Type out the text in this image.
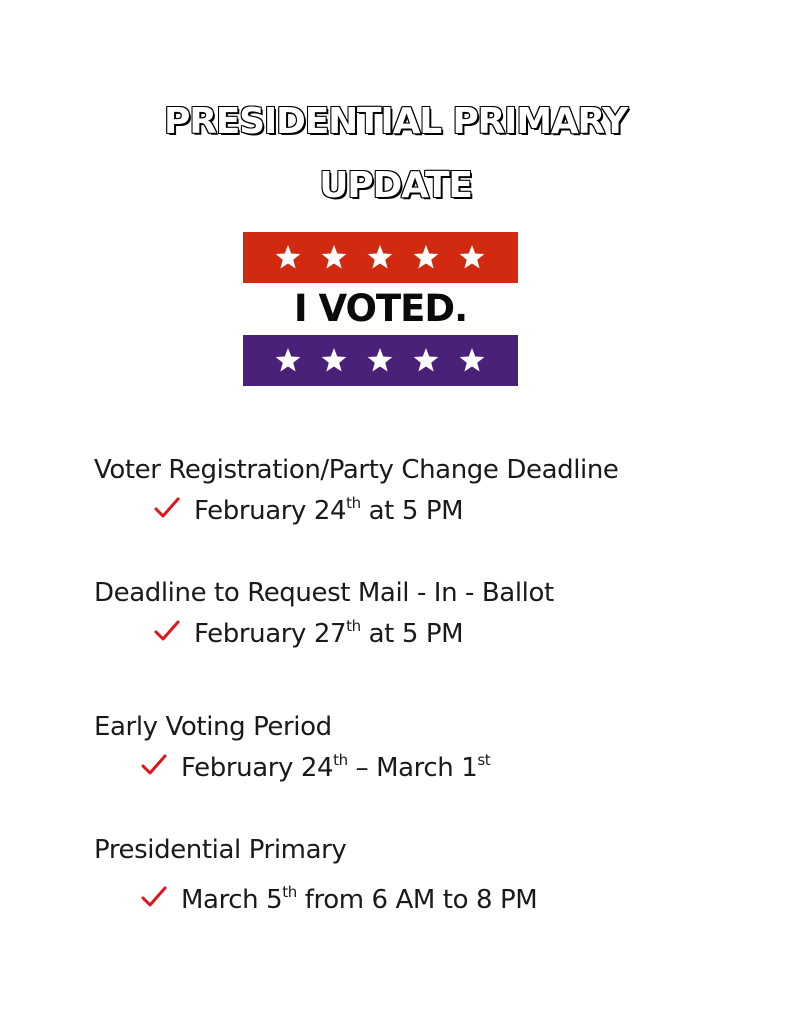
PRESIDENTIAL PRIMARY
UPDATE
I VOTED.
Voter Registration/Party Change Deadline
February 24th at 5 PM
Deadline to Request Mail - In - Ballot
February 27th at 5 PM
Early Voting Period
February 24th – March 1st
Presidential Primary
March 5th from 6 AM to 8 PM
